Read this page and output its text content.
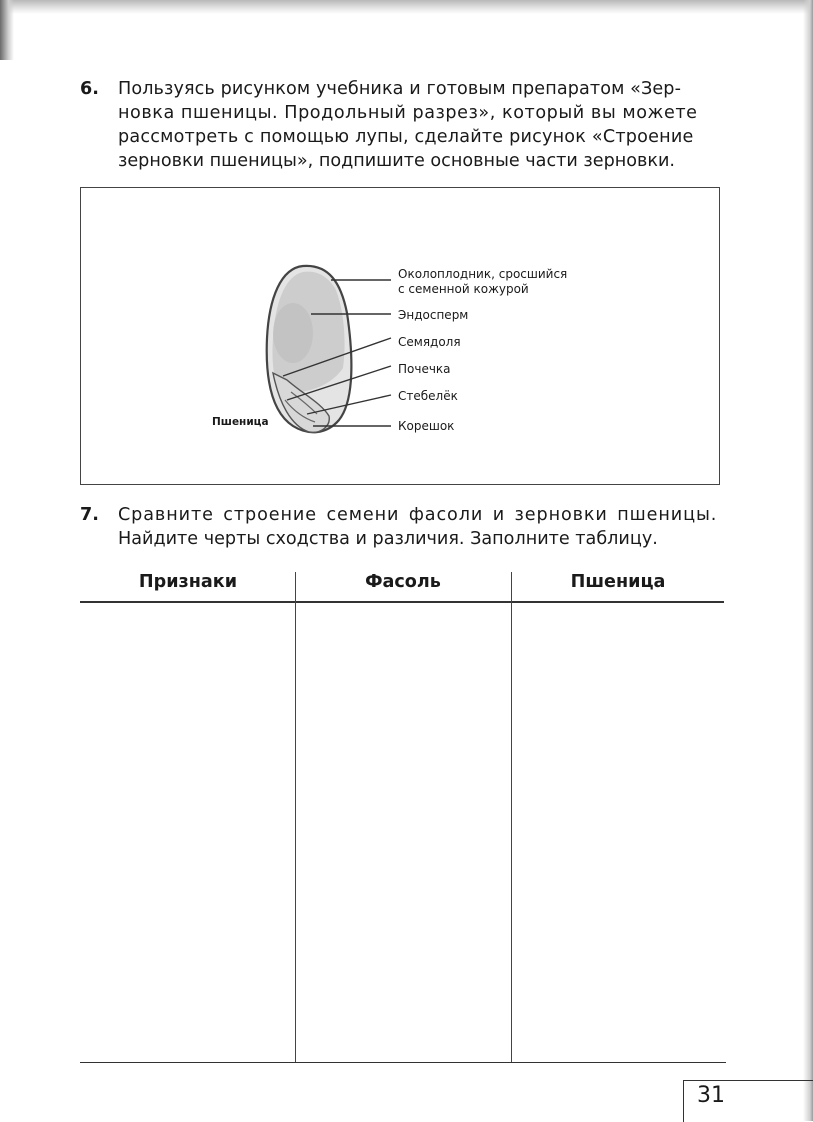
6. Пользуясь рисунком учебника и готовым препаратом «Зер-
новка пшеницы. Продольный разрез», который вы можете
рассмотреть с помощью лупы, сделайте рисунок «Строение
зерновки пшеницы», подпишите основные части зерновки.
Околоплодник, сросшийся
с семенной кожурой
Эндосперм
Семядоля
Почечка
Стебелёк
Корешок
Пшеница
7. Сравните строение семени фасоли и зерновки пшеницы.
Найдите черты сходства и различия. Заполните таблицу.
Признаки	Фасоль	Пшеница
31
